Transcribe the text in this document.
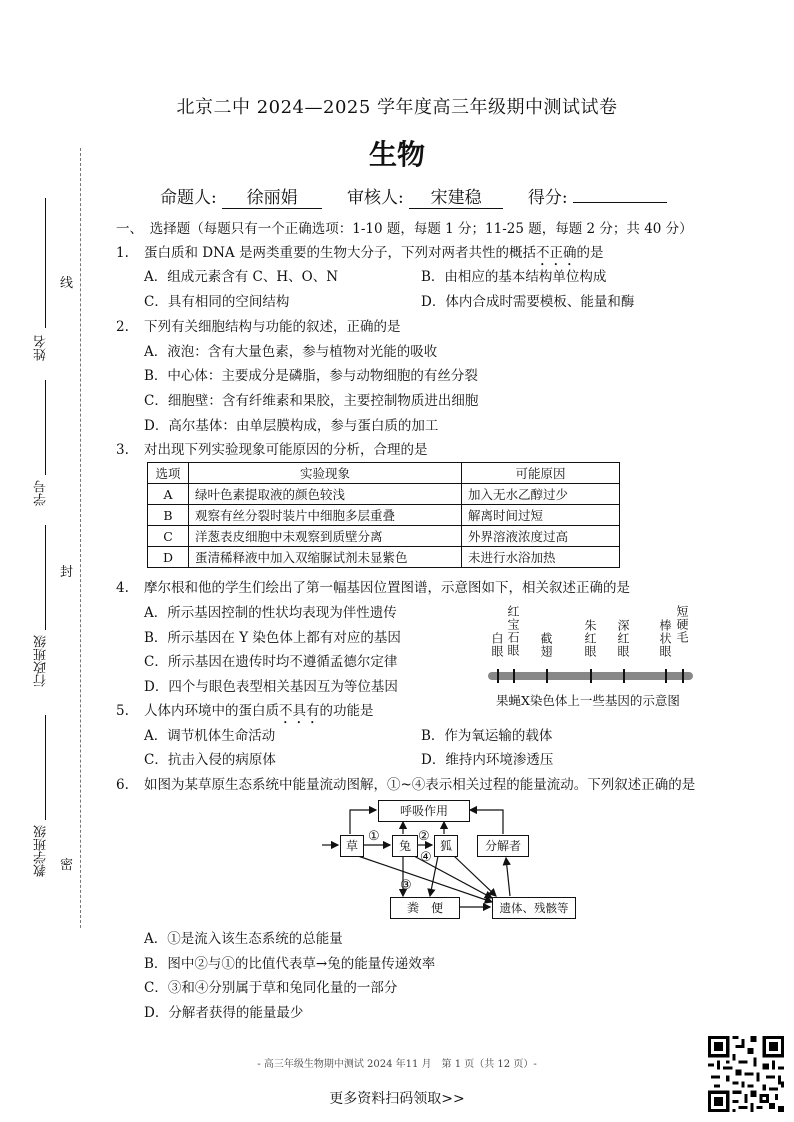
北京二中 2024—2025 学年度高三年级期中测试试卷
生物
命题人: 徐丽娟	审核人: 宋建稳	得分:
姓名
学号
行政班级
教学班级
线
封
密
一、　选择题（每题只有一个正确选项：1-10 题，每题 1 分；11-25 题，每题 2 分；共 40 分）
1. 蛋白质和 DNA 是两类重要的生物大分子，下列对两者共性的概括不正确的是
A．组成元素含有 C、H、O、N	B．由相应的基本结构单位构成
C．具有相同的空间结构	D．体内合成时需要模板、能量和酶
2. 下列有关细胞结构与功能的叙述，正确的是
A．液泡：含有大量色素，参与植物对光能的吸收
B．中心体：主要成分是磷脂，参与动物细胞的有丝分裂
C．细胞壁：含有纤维素和果胶，主要控制物质进出细胞
D．高尔基体：由单层膜构成，参与蛋白质的加工
3. 对出现下列实验现象可能原因的分析，合理的是
选项	实验现象	可能原因
A	绿叶色素提取液的颜色较浅	加入无水乙醇过少
B	观察有丝分裂时装片中细胞多层重叠	解离时间过短
C	洋葱表皮细胞中未观察到质壁分离	外界溶液浓度过高
D	蛋清稀释液中加入双缩脲试剂未显紫色	未进行水浴加热
4. 摩尔根和他的学生们绘出了第一幅基因位置图谱，示意图如下，相关叙述正确的是
A．所示基因控制的性状均表现为伴性遗传
B．所示基因在 Y 染色体上都有对应的基因
C．所示基因在遗传时均不遵循孟德尔定律
D．四个与眼色表型相关基因互为等位基因
白眼 红宝石眼 截翅	朱红眼 深红眼 棒状眼 短硬毛
果蝇X染色体上一些基因的示意图
5. 人体内环境中的蛋白质不具有的功能是
A．调节机体生命活动	B．作为氧运输的载体
C．抗击入侵的病原体	D．维持内环境渗透压
6. 如图为某草原生态系统中能量流动图解，①~④表示相关过程的能量流动。下列叙述正确的是
呼吸作用
草	兔	狐	分解者
粪　便	遗体、残骸等
①	②
③
④
A．①是流入该生态系统的总能量
B．图中②与①的比值代表草→兔的能量传递效率
C．③和④分别属于草和兔同化量的一部分
D．分解者获得的能量最少
- 高三年级生物期中测试 2024 年11 月　第 1 页（共 12 页）-
更多资料扫码领取>>
